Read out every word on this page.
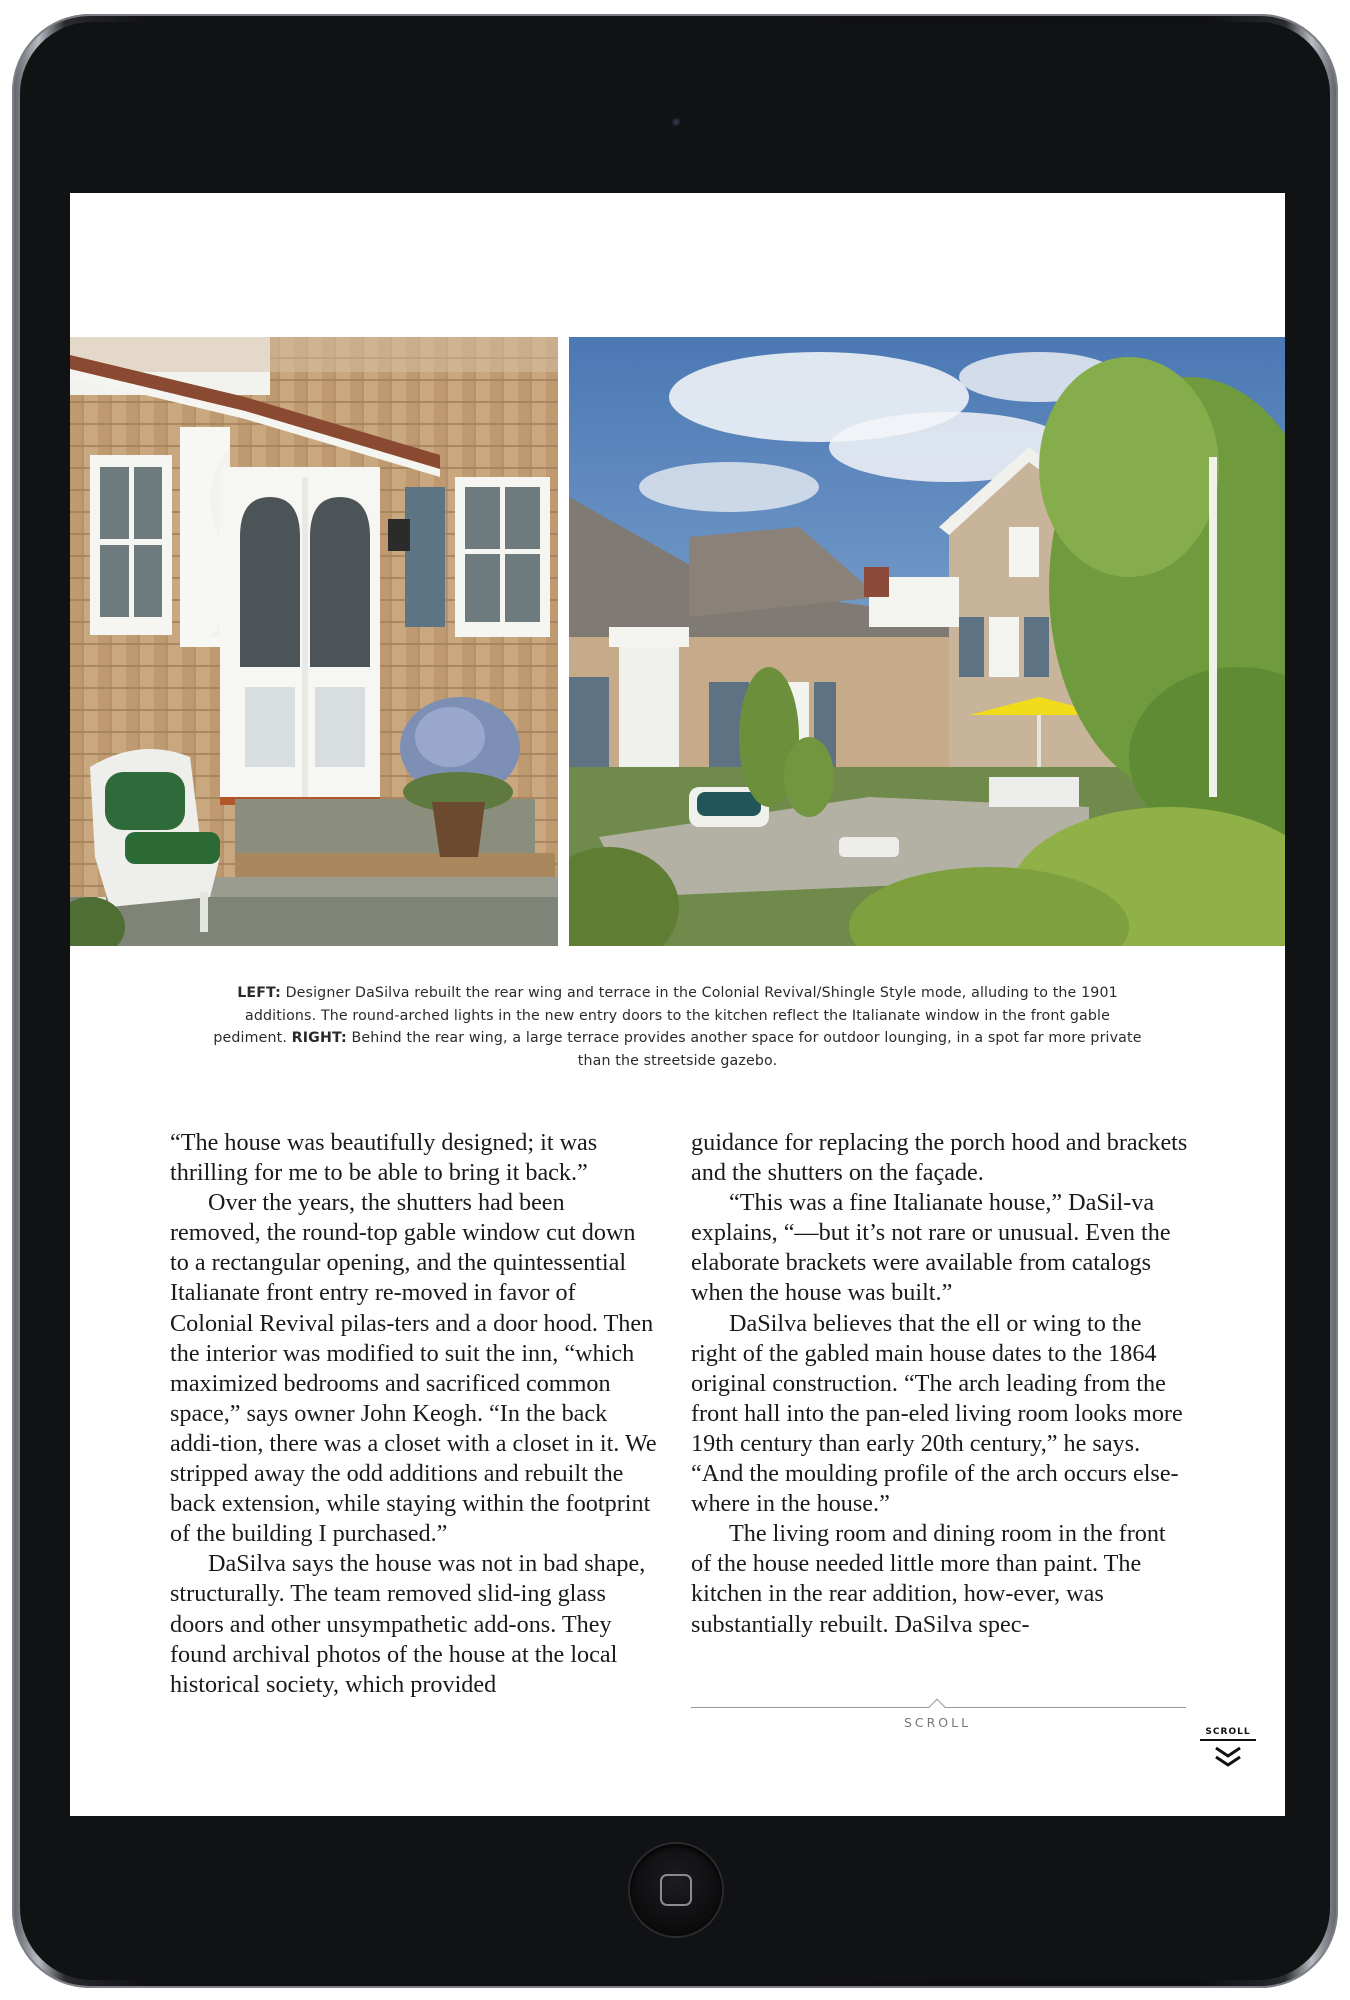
LEFT: Designer DaSilva rebuilt the rear wing and terrace in the Colonial Revival/Shingle Style mode, alluding to the 1901 additions. The round-arched lights in the new entry doors to the kitchen reflect the Italianate window in the front gable pediment. RIGHT: Behind the rear wing, a large terrace provides another space for outdoor lounging, in a spot far more private than the streetside gazebo.

“The house was beautifully designed; it was thrilling for me to be able to bring it back.”
Over the years, the shutters had been removed, the round-top gable window cut down to a rectangular opening, and the quintessential Italianate front entry re-moved in favor of Colonial Revival pilas-ters and a door hood. Then the interior was modified to suit the inn, “which maximized bedrooms and sacrificed common space,” says owner John Keogh. “In the back addi-tion, there was a closet with a closet in it. We stripped away the odd additions and rebuilt the back extension, while staying within the footprint of the building I purchased.”
DaSilva says the house was not in bad shape, structurally. The team removed slid-ing glass doors and other unsympathetic add-ons. They found archival photos of the house at the local historical society, which provided
guidance for replacing the porch hood and brackets and the shutters on the façade.
“This was a fine Italianate house,” DaSil-va explains, “—but it’s not rare or unusual. Even the elaborate brackets were available from catalogs when the house was built.”
DaSilva believes that the ell or wing to the right of the gabled main house dates to the 1864 original construction. “The arch leading from the front hall into the pan-eled living room looks more 19th century than early 20th century,” he says. “And the moulding profile of the arch occurs else-where in the house.”
The living room and dining room in the front of the house needed little more than paint. The kitchen in the rear addition, how-ever, was substantially rebuilt. DaSilva spec-
SCROLL
SCROLL
